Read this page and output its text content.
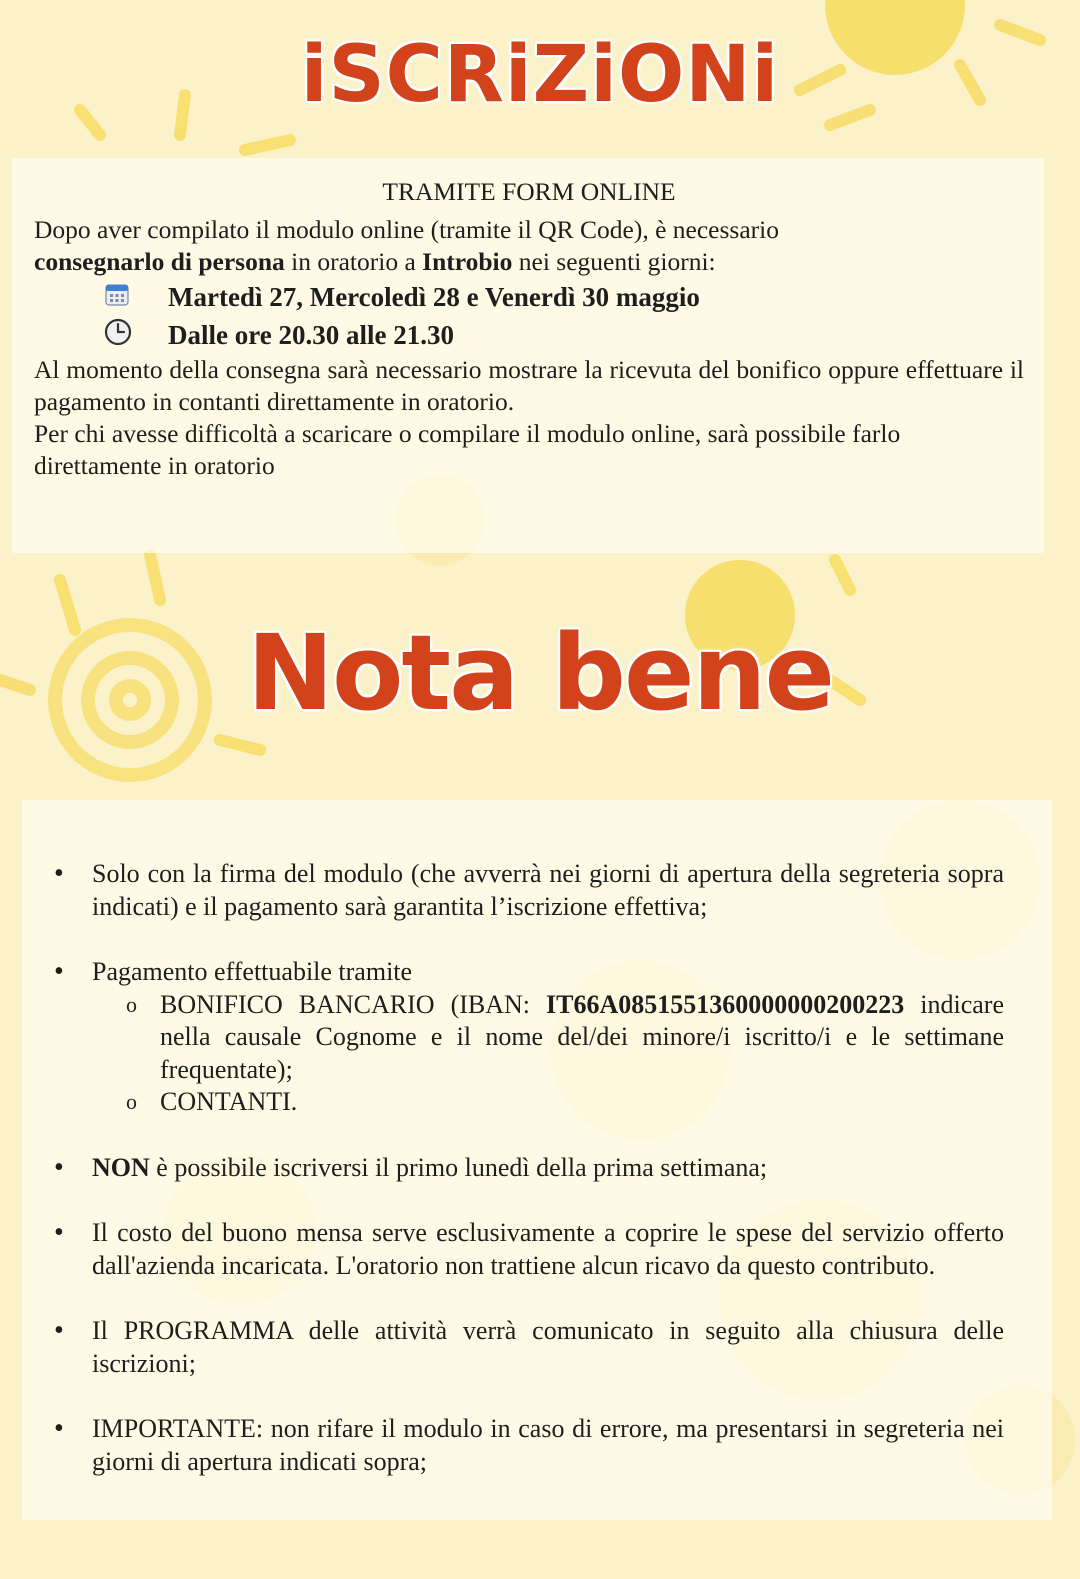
iSCRiZiONi
TRAMITE FORM ONLINE
Dopo aver compilato il modulo online (tramite il QR Code), è necessario
consegnarlo di persona in oratorio a Introbio nei seguenti giorni:
Martedì 27, Mercoledì 28 e Venerdì 30 maggio
Dalle ore 20.30 alle 21.30
Al momento della consegna sarà necessario mostrare la ricevuta del bonifico oppure effettuare il pagamento in contanti direttamente in oratorio.
Per chi avesse difficoltà a scaricare o compilare il modulo online, sarà possibile farlo direttamente in oratorio
Nota bene
• Solo con la firma del modulo (che avverrà nei giorni di apertura della segreteria sopra indicati) e il pagamento sarà garantita l’iscrizione effettiva;
• Pagamento effettuabile tramite
o BONIFICO BANCARIO (IBAN: IT66A0851551360000000200223 indicare nella causale Cognome e il nome del/dei minore/i iscritto/i e le settimane frequentate);
o CONTANTI.
• NON è possibile iscriversi il primo lunedì della prima settimana;
• Il costo del buono mensa serve esclusivamente a coprire le spese del servizio offerto dall'azienda incaricata. L'oratorio non trattiene alcun ricavo da questo contributo.
• Il PROGRAMMA delle attività verrà comunicato in seguito alla chiusura delle iscrizioni;
• IMPORTANTE: non rifare il modulo in caso di errore, ma presentarsi in segreteria nei giorni di apertura indicati sopra;
